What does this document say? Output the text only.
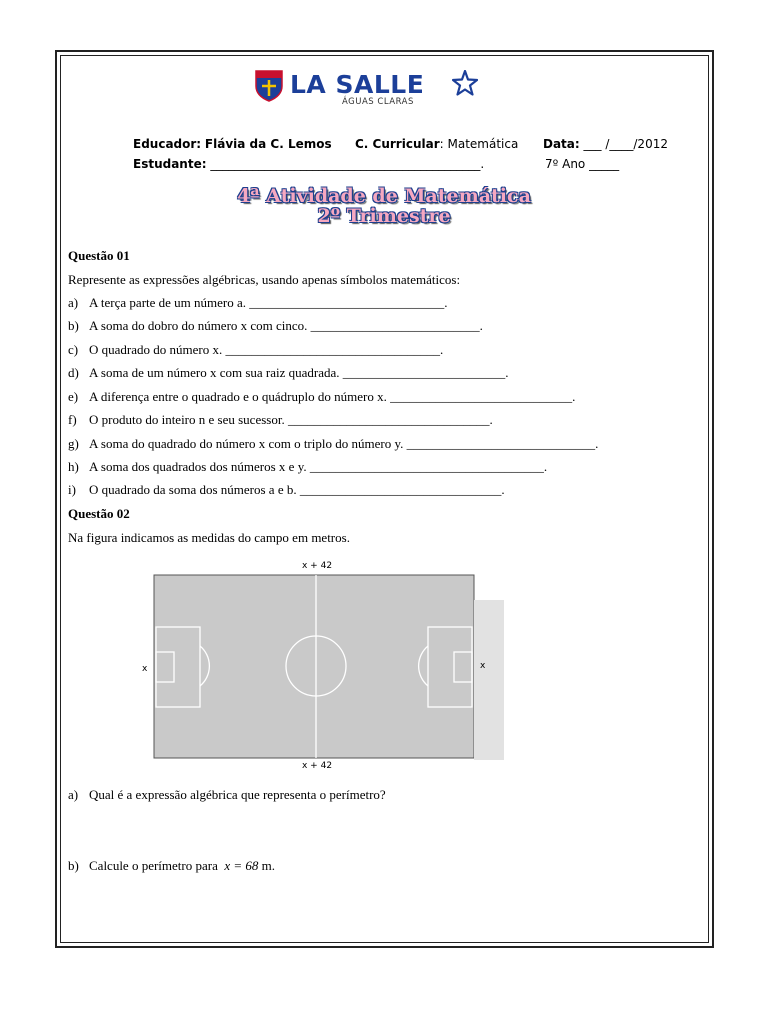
LA SALLE
ÁGUAS CLARAS
Educador: Flávia da C. Lemos C. Curricular: Matemática Data: ___ /____/2012
Estudante: _____________________________________________.	7º Ano _____
4ª Atividade de Matemática
2º Trimestre
Questão 01
Represente as expressões algébricas, usando apenas símbolos matemáticos:
a) A terça parte de um número a. ______________________________.
b) A soma do dobro do número x com cinco. __________________________.
c) O quadrado do número x. _________________________________.
d) A soma de um número x com sua raiz quadrada. _________________________.
e) A diferença entre o quadrado e o quádruplo do número x. ____________________________.
f) O produto do inteiro n e seu sucessor. _______________________________.
g) A soma do quadrado do número x com o triplo do número y. _____________________________.
h) A soma dos quadrados dos números x e y. ____________________________________.
i) O quadrado da soma dos números a e b. _______________________________.
Questão 02
Na figura indicamos as medidas do campo em metros.
x + 42
x + 42
x	x
a) Qual é a expressão algébrica que representa o perímetro?
b) Calcule o perímetro para x = 68 m.
